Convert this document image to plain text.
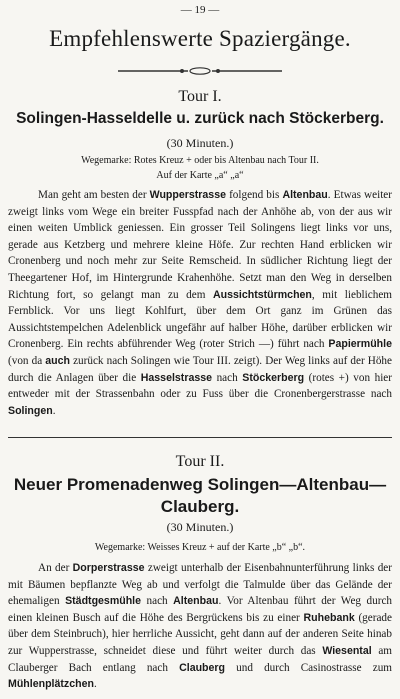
— 19 —
Empfehlenswerte Spaziergänge.
Tour I.
Solingen-Hasseldelle u. zurück nach Stöckerberg.
(30 Minuten.)
Wegemarke: Rotes Kreuz + oder bis Altenbau nach Tour II.
Auf der Karte „a“ „a“

Man geht am besten der Wupperstrasse folgend bis Altenbau. Etwas weiter zweigt links vom Wege ein breiter Fusspfad nach der Anhöhe ab, von der aus wir einen weiten Umblick geniessen. Ein grosser Teil Solingens liegt links vor uns, gerade aus Ketzberg und mehrere kleine Höfe. Zur rechten Hand erblicken wir Cronenberg und noch mehr zur Seite Remscheid. In südlicher Richtung liegt der Theegartener Hof, im Hintergrunde Krahenhöhe. Setzt man den Weg in derselben Richtung fort, so gelangt man zu dem Aussichtstürmchen, mit lieblichem Fernblick. Vor uns liegt Kohlfurt, über dem Ort ganz im Grünen das Aussichtstempelchen Adelenblick ungefähr auf halber Höhe, darüber erblicken wir Cronenberg. Ein rechts abführender Weg (roter Strich —) führt nach Papiermühle (von da auch zurück nach Solingen wie Tour III. zeigt). Der Weg links auf der Höhe durch die Anlagen über die Hasselstrasse nach Stöckerberg (rotes +) von hier entweder mit der Strassenbahn oder zu Fuss über die Cronenbergerstrasse nach Solingen.

Tour II.
Neuer Promenadenweg Solingen—Altenbau—
Clauberg.
(30 Minuten.)
Wegemarke: Weisses Kreuz + auf der Karte „b“ „b“.

An der Dorperstrasse zweigt unterhalb der Eisenbahnunterführung links der mit Bäumen bepflanzte Weg ab und verfolgt die Talmulde über das Gelände der ehemaligen Städtgesmühle nach Altenbau. Vor Altenbau führt der Weg durch einen kleinen Busch auf die Höhe des Bergrückens bis zu einer Ruhebank (gerade über dem Steinbruch), hier herrliche Aussicht, geht dann auf der anderen Seite hinab zur Wupperstrasse, schneidet diese und führt weiter durch das Wiesental am Clauberger Bach entlang nach Clauberg und durch Casinostrasse zum Mühlenplätzchen.
